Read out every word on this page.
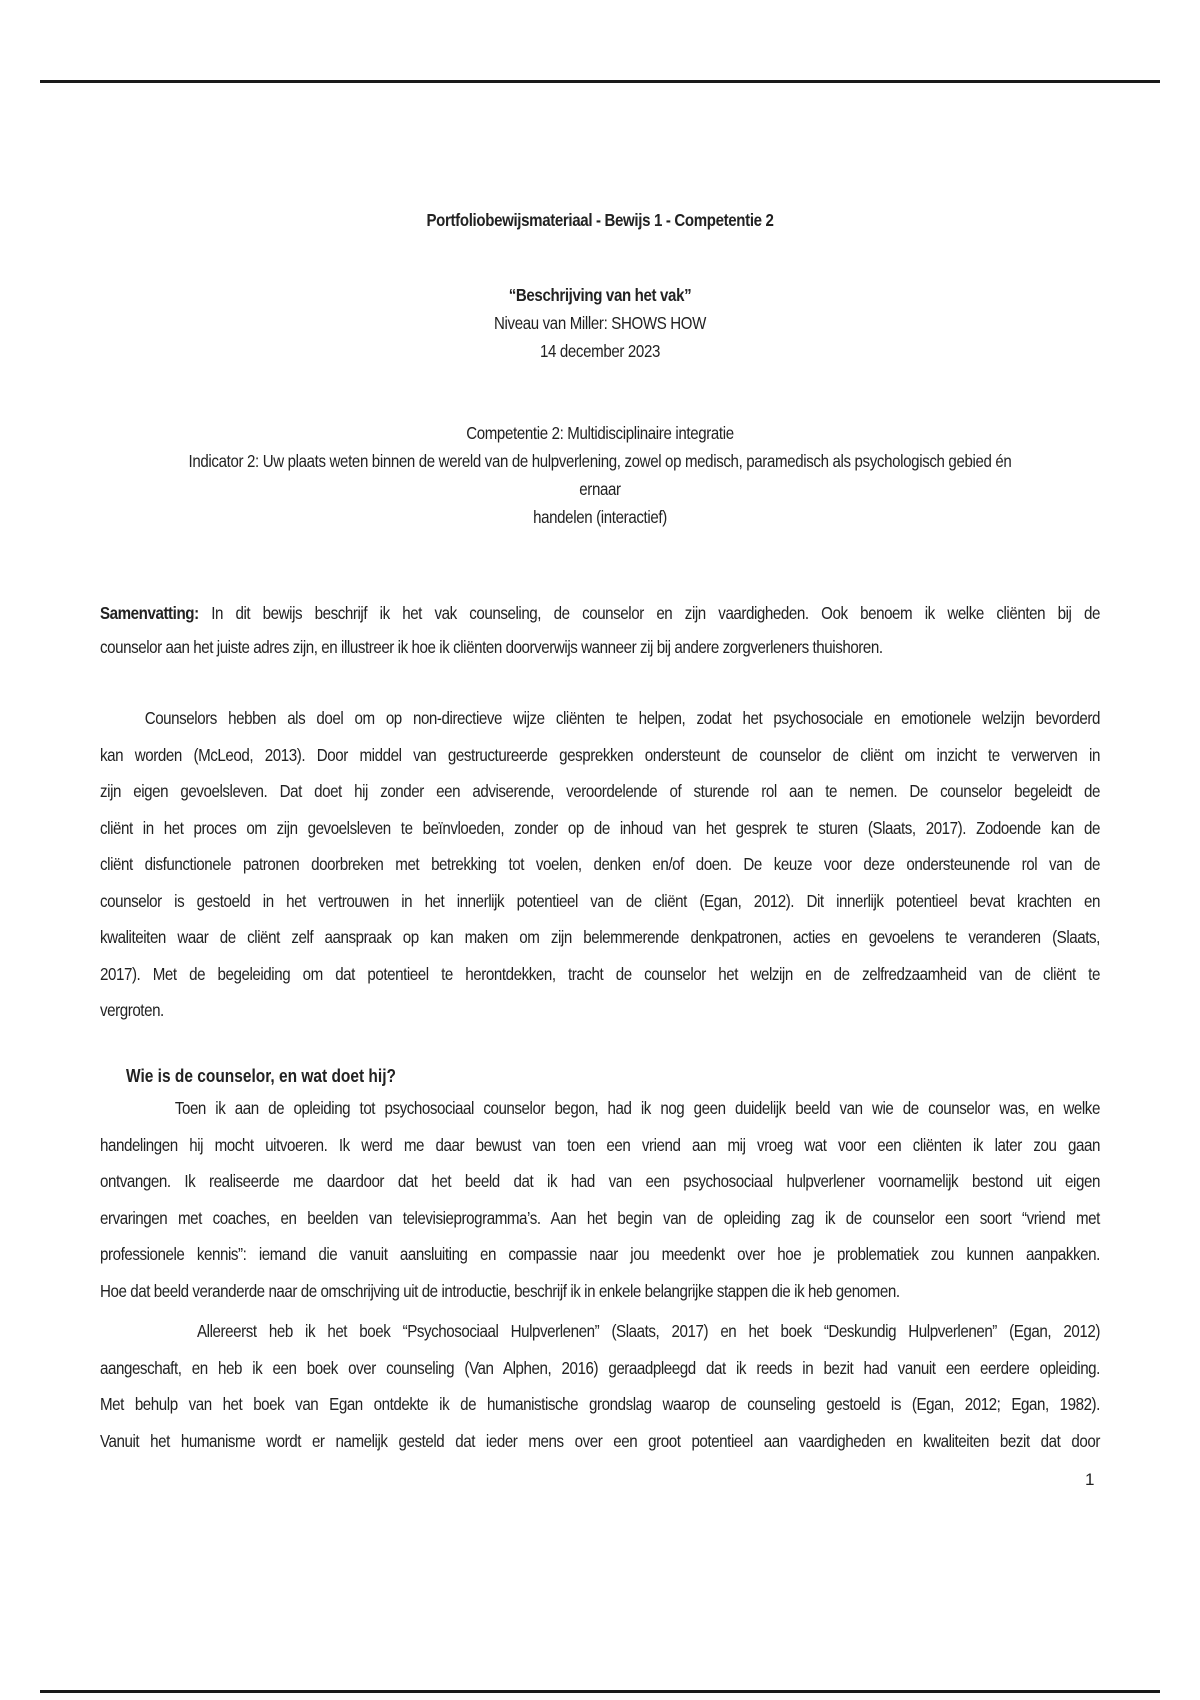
Portfoliobewijsmateriaal - Bewijs 1 - Competentie 2
“Beschrijving van het vak”
Niveau van Miller: SHOWS HOW
14 december 2023
Competentie 2: Multidisciplinaire integratie
Indicator 2: Uw plaats weten binnen de wereld van de hulpverlening, zowel op medisch, paramedisch als psychologisch gebied én ernaar
handelen (interactief)
Samenvatting: In dit bewijs beschrijf ik het vak counseling, de counselor en zijn vaardigheden. Ook benoem ik welke cliënten bij de
counselor aan het juiste adres zijn, en illustreer ik hoe ik cliënten doorverwijs wanneer zij bij andere zorgverleners thuishoren.
Counselors hebben als doel om op non-directieve wijze cliënten te helpen, zodat het psychosociale en emotionele welzijn bevorderd
kan worden (McLeod, 2013). Door middel van gestructureerde gesprekken ondersteunt de counselor de cliënt om inzicht te verwerven in
zijn eigen gevoelsleven. Dat doet hij zonder een adviserende, veroordelende of sturende rol aan te nemen. De counselor begeleidt de
cliënt in het proces om zijn gevoelsleven te beïnvloeden, zonder op de inhoud van het gesprek te sturen (Slaats, 2017). Zodoende kan de
cliënt disfunctionele patronen doorbreken met betrekking tot voelen, denken en/of doen. De keuze voor deze ondersteunende rol van de
counselor is gestoeld in het vertrouwen in het innerlijk potentieel van de cliënt (Egan, 2012). Dit innerlijk potentieel bevat krachten en
kwaliteiten waar de cliënt zelf aanspraak op kan maken om zijn belemmerende denkpatronen, acties en gevoelens te veranderen (Slaats,
2017). Met de begeleiding om dat potentieel te herontdekken, tracht de counselor het welzijn en de zelfredzaamheid van de cliënt te
vergroten.
Wie is de counselor, en wat doet hij?
Toen ik aan de opleiding tot psychosociaal counselor begon, had ik nog geen duidelijk beeld van wie de counselor was, en welke
handelingen hij mocht uitvoeren. Ik werd me daar bewust van toen een vriend aan mij vroeg wat voor een cliënten ik later zou gaan
ontvangen. Ik realiseerde me daardoor dat het beeld dat ik had van een psychosociaal hulpverlener voornamelijk bestond uit eigen
ervaringen met coaches, en beelden van televisieprogramma’s. Aan het begin van de opleiding zag ik de counselor een soort “vriend met
professionele kennis”: iemand die vanuit aansluiting en compassie naar jou meedenkt over hoe je problematiek zou kunnen aanpakken.
Hoe dat beeld veranderde naar de omschrijving uit de introductie, beschrijf ik in enkele belangrijke stappen die ik heb genomen.
Allereerst heb ik het boek “Psychosociaal Hulpverlenen” (Slaats, 2017) en het boek “Deskundig Hulpverlenen” (Egan, 2012)
aangeschaft, en heb ik een boek over counseling (Van Alphen, 2016) geraadpleegd dat ik reeds in bezit had vanuit een eerdere opleiding.
Met behulp van het boek van Egan ontdekte ik de humanistische grondslag waarop de counseling gestoeld is (Egan, 2012; Egan, 1982).
Vanuit het humanisme wordt er namelijk gesteld dat ieder mens over een groot potentieel aan vaardigheden en kwaliteiten bezit dat door
1
